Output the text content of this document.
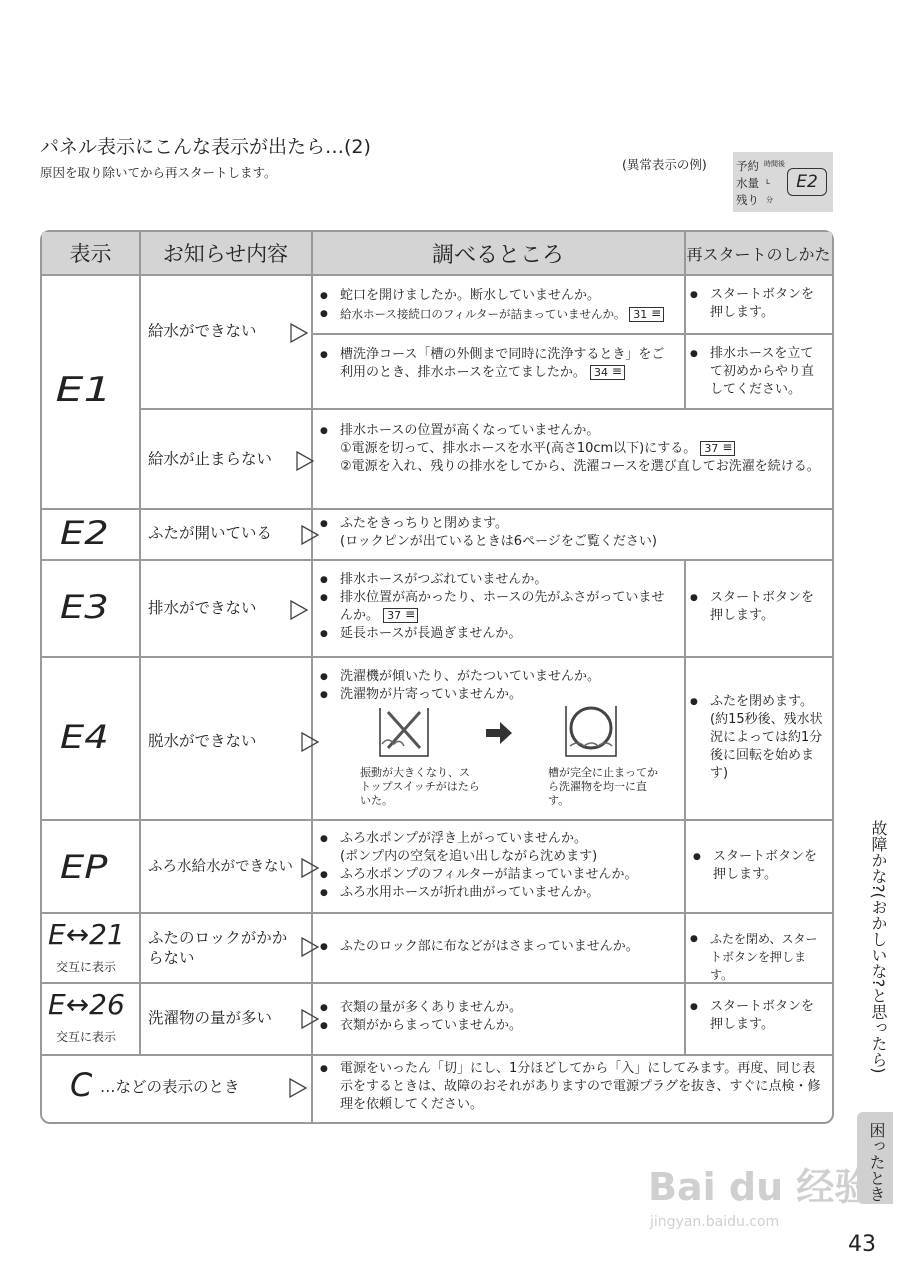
パネル表示にこんな表示が出たら…(2)
原因を取り除いてから再スタートします。
(異常表示の例)	予約
水量
残り
時間後
L
分
E2
表示 お知らせ内容	調べるところ	再スタートのしかた
E1
給水ができない
● 蛇口を開けましたか。断水していませんか。
● 給水ホース接続口のフィルターが詰まっていませんか。 31 ≡
● スタートボタンを押します。
● 槽洗浄コース「槽の外側まで同時に洗浄するとき」をご利用のとき、排水ホースを立てましたか。 34 ≡
● 排水ホースを立てて初めからやり直してください。
給水が止まらない
● 排水ホースの位置が高くなっていませんか。
①電源を切って、排水ホースを水平(高さ10cm以下)にする。 37 ≡
②電源を入れ、残りの排水をしてから、洗濯コースを選び直してお洗濯を続ける。
E2	ふたが開いている
● ふたをきっちりと閉めます。
(ロックピンが出ているときは6ページをご覧ください)
E3	排水ができない
● 排水ホースがつぶれていませんか。
● 排水位置が高かったり、ホースの先がふさがっていませんか。 37 ≡
● 延長ホースが長過ぎませんか。
● スタートボタンを押します。
E4	脱水ができない
● 洗濯機が傾いたり、がたついていませんか。
● 洗濯物が片寄っていませんか。
振動が大きくなり、ストップスイッチがはたらいた。
槽が完全に止まってから洗濯物を均一に直す。
● ふたを閉めます。(約15秒後、残水状況によっては約1分後に回転を始めます)
EP	ふろ水給水ができない
● ふろ水ポンプが浮き上がっていませんか。
(ポンプ内の空気を追い出しながら沈めます)
● ふろ水ポンプのフィルターが詰まっていませんか。
● ふろ水用ホースが折れ曲がっていませんか。
● スタートボタンを押します。
E↔21
交互に表示
ふたのロックがかからない
● ふたのロック部に布などがはさまっていませんか。
●	ふたを閉め、スタートボタンを押します。
E↔26
交互に表示
洗濯物の量が多い
● 衣類の量が多くありませんか。
● 衣類がからまっていませんか。
● スタートボタンを押します。
C …などの表示のとき
● 電源をいったん「切」にし、1分ほどしてから「入」にしてみます。再度、同じ表示をするときは、故障のおそれがありますので電源プラグを抜き、すぐに点検・修理を依頼してください。
故障かな?(おかしいな?と思ったら)
困ったとき
Bai du 经验
jingyan.baidu.com
43
